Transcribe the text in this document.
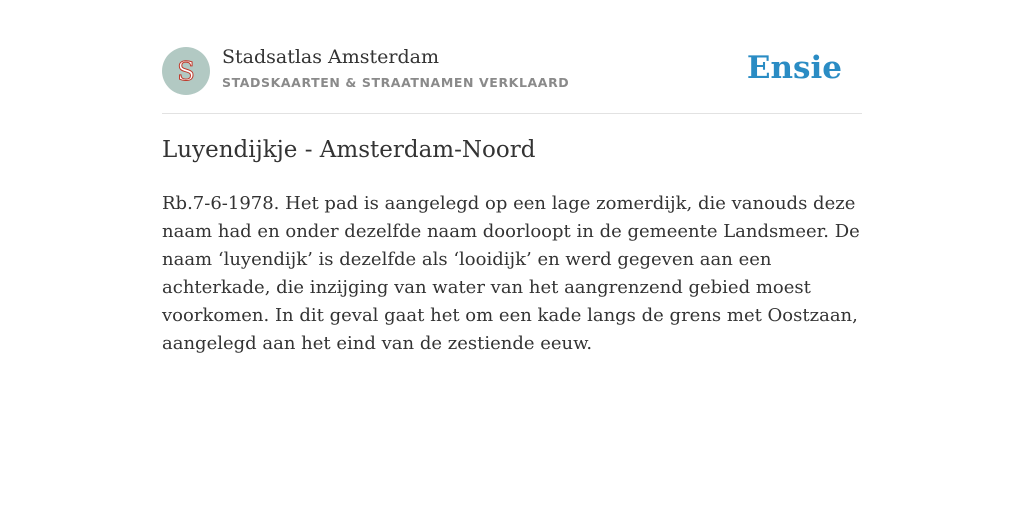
S Stadsatlas Amsterdam
STADSKAARTEN & STRAATNAMEN VERKLAARD	Ensie
Luyendijkje - Amsterdam-Noord

Rb.7-6-1978. Het pad is aangelegd op een lage zomerdijk, die vanouds deze naam had en onder dezelfde naam doorloopt in de gemeente Landsmeer. De naam ‘luyendijk’ is dezelfde als ‘looidijk’ en werd gegeven aan een achterkade, die inzijging van water van het aangrenzend gebied moest voorkomen. In dit geval gaat het om een kade langs de grens met Oostzaan, aangelegd aan het eind van de zestiende eeuw.
